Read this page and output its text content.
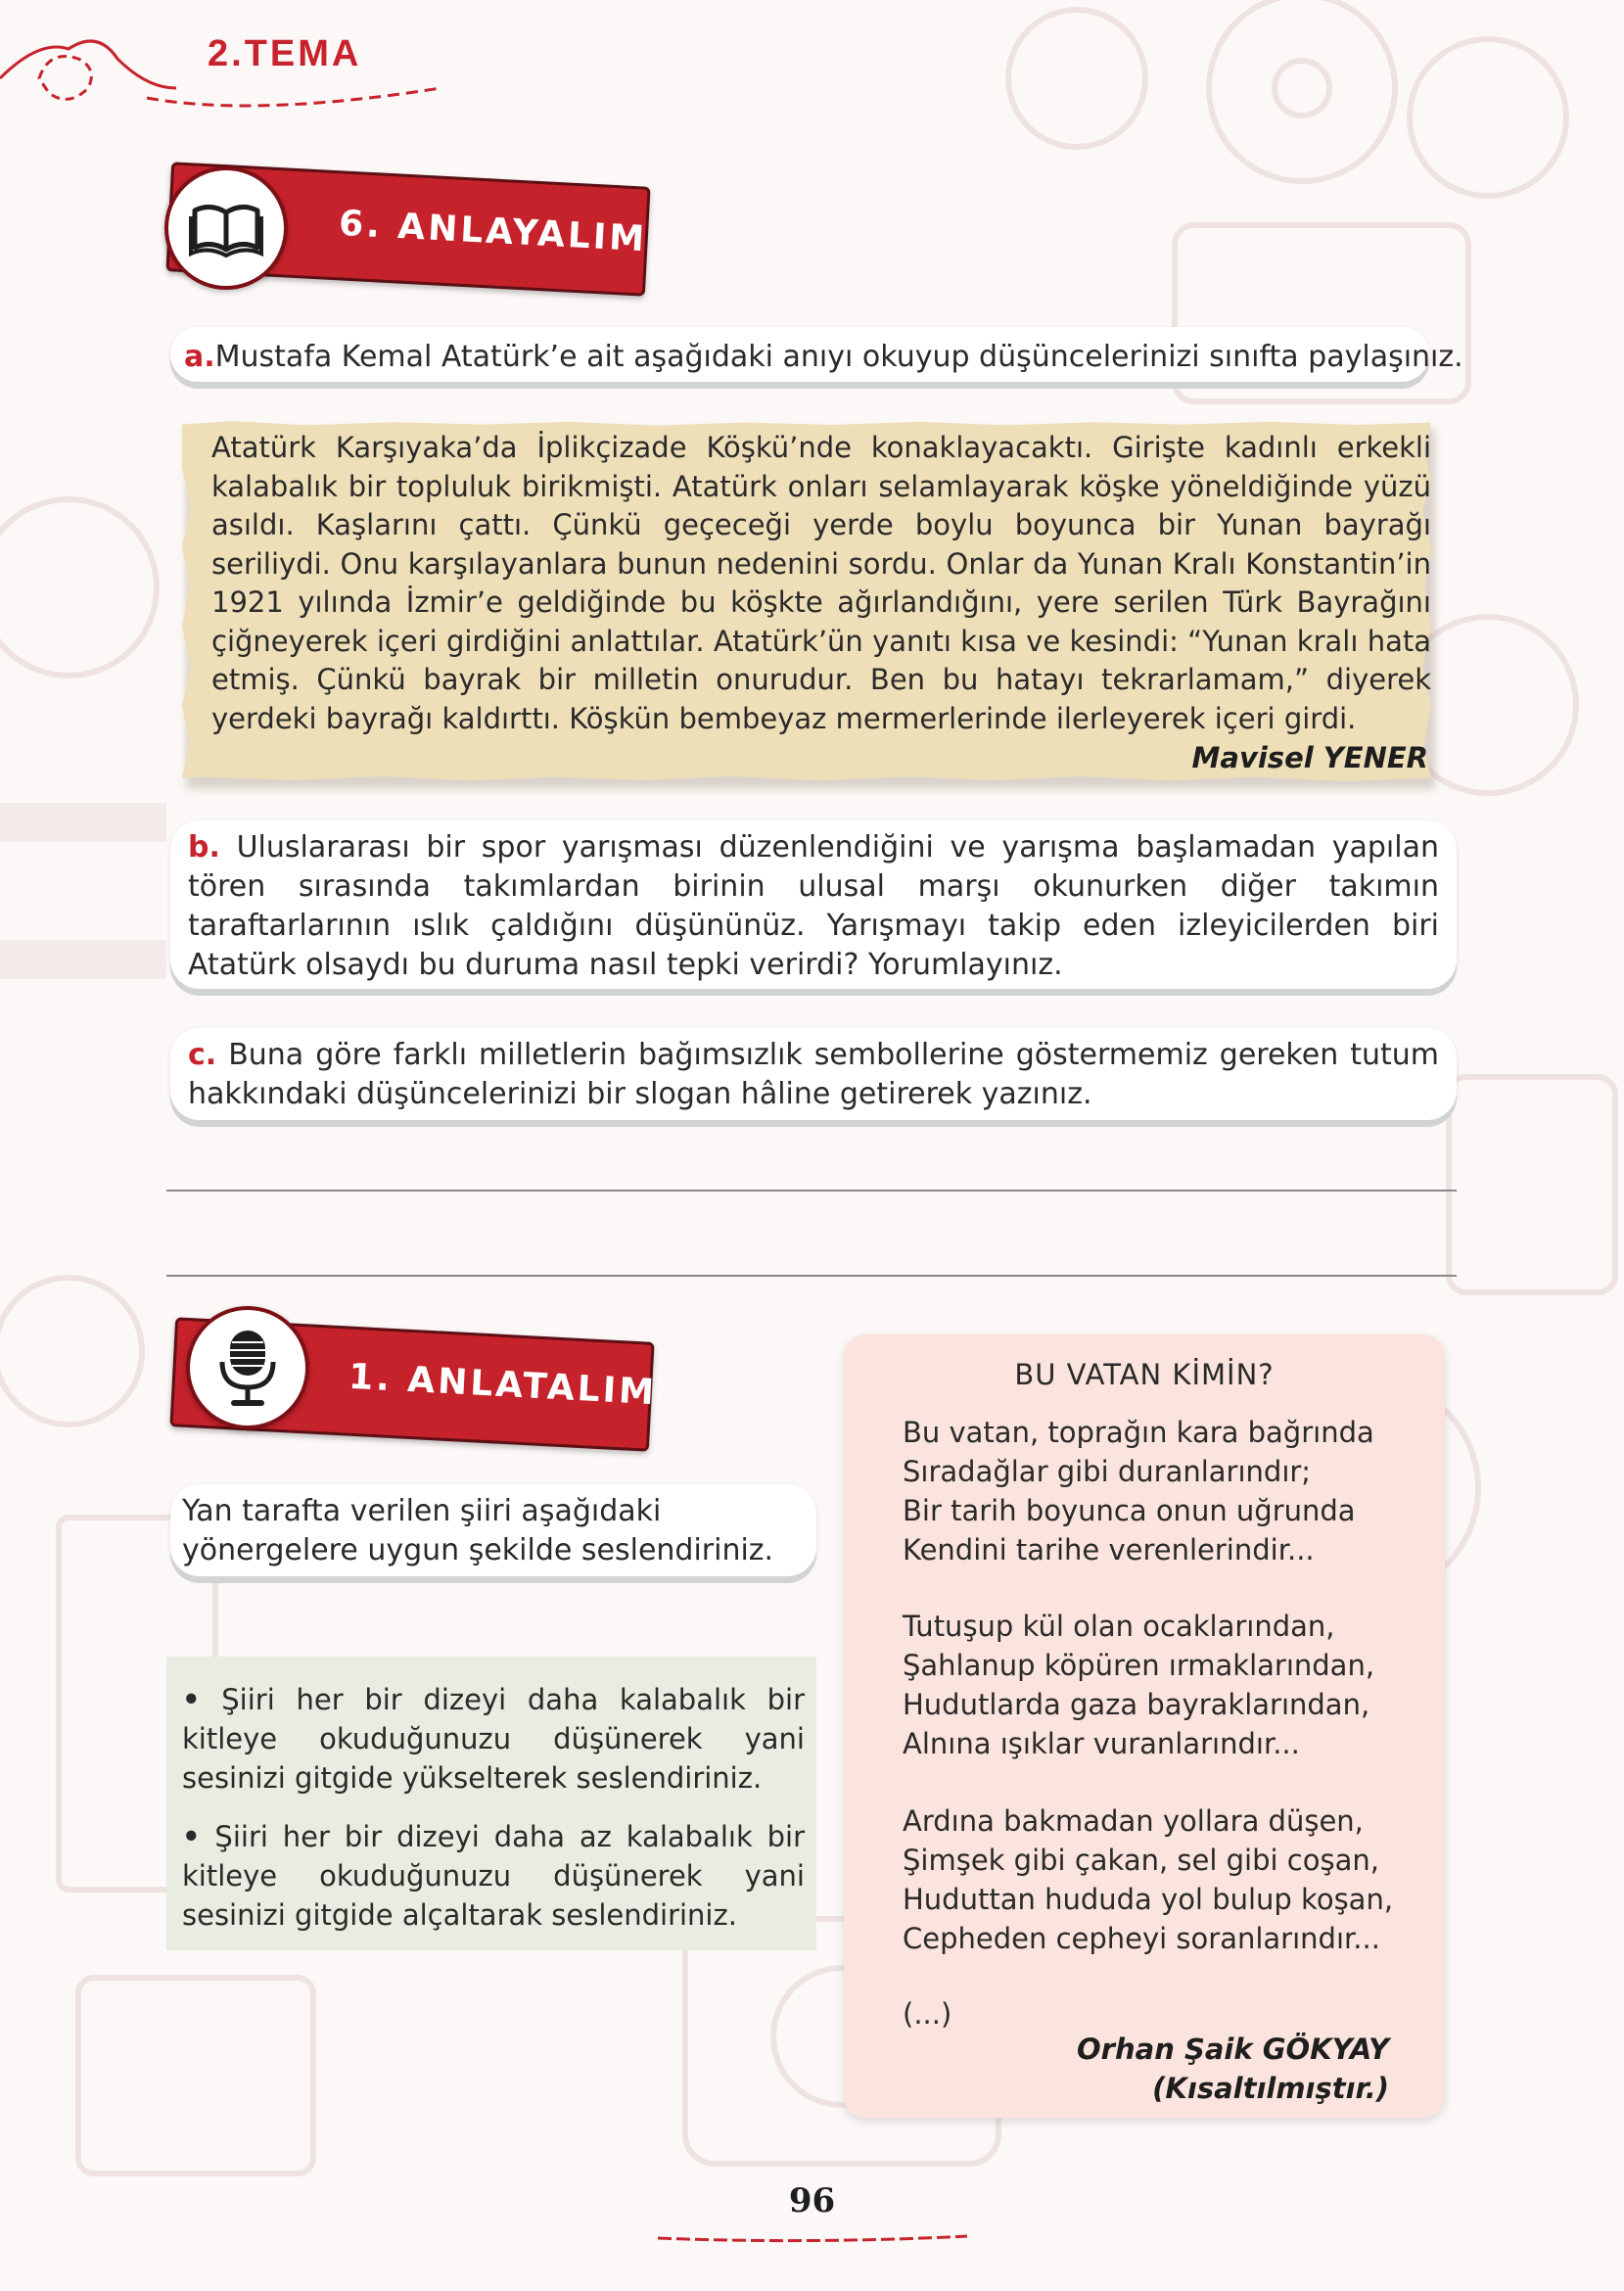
2.TEMA
6. ANLAYALIM

a.Mustafa Kemal Atatürk’e ait aşağıdaki anıyı okuyup düşüncelerinizi sınıfta paylaşınız.

Atatürk Karşıyaka’da İplikçizade Köşkü’nde konaklayacaktı. Girişte kadınlı erkekli kalabalık bir topluluk birikmişti. Atatürk onları selamlayarak köşke yöneldiğinde yüzü asıldı. Kaşlarını çattı. Çünkü geçeceği yerde boylu boyunca bir Yunan bayrağı seriliydi. Onu karşılayanlara bunun nedenini sordu. Onlar da Yunan Kralı Konstantin’in 1921 yılında İzmir’e geldiğinde bu köşkte ağırlandığını, yere serilen Türk Bayrağını çiğneyerek içeri girdiğini anlattılar. Atatürk’ün yanıtı kısa ve kesindi: “Yunan kralı hata etmiş. Çünkü bayrak bir milletin onurudur. Ben bu hatayı tekrarlamam,” diyerek yerdeki bayrağı kaldırttı. Köşkün bembeyaz mermerlerinde ilerleyerek içeri girdi.

Mavisel YENER

b. Uluslararası bir spor yarışması düzenlendiğini ve yarışma başlamadan yapılan tören sırasında takımlardan birinin ulusal marşı okunurken diğer takımın taraftarlarının ıslık çaldığını düşününüz. Yarışmayı takip eden izleyicilerden biri Atatürk olsaydı bu duruma nasıl tepki verirdi? Yorumlayınız.

c. Buna göre farklı milletlerin bağımsızlık sembollerine göstermemiz gereken tutum hakkındaki düşüncelerinizi bir slogan hâline getirerek yazınız.

1. ANLATALIM

Yan tarafta verilen şiiri aşağıdaki yönergelere uygun şekilde seslendiriniz.

• Şiiri her bir dizeyi daha kalabalık bir kitleye okuduğunuzu düşünerek yani sesinizi gitgide yükselterek seslendiriniz.
• Şiiri her bir dizeyi daha az kalabalık bir kitleye okuduğunuzu düşünerek yani sesinizi gitgide alçaltarak seslendiriniz.
BU VATAN KİMİN?
Bu vatan, toprağın kara bağrında
Sıradağlar gibi duranlarındır;
Bir tarih boyunca onun uğrunda
Kendini tarihe verenlerindir...
Tutuşup kül olan ocaklarından,
Şahlanup köpüren ırmaklarından,
Hudutlarda gaza bayraklarından,
Alnına ışıklar vuranlarındır...
Ardına bakmadan yollara düşen,
Şimşek gibi çakan, sel gibi coşan,
Huduttan hududa yol bulup koşan,
Cepheden cepheyi soranlarındır...
(...)
Orhan Şaik GÖKYAY
(Kısaltılmıştır.)
96
